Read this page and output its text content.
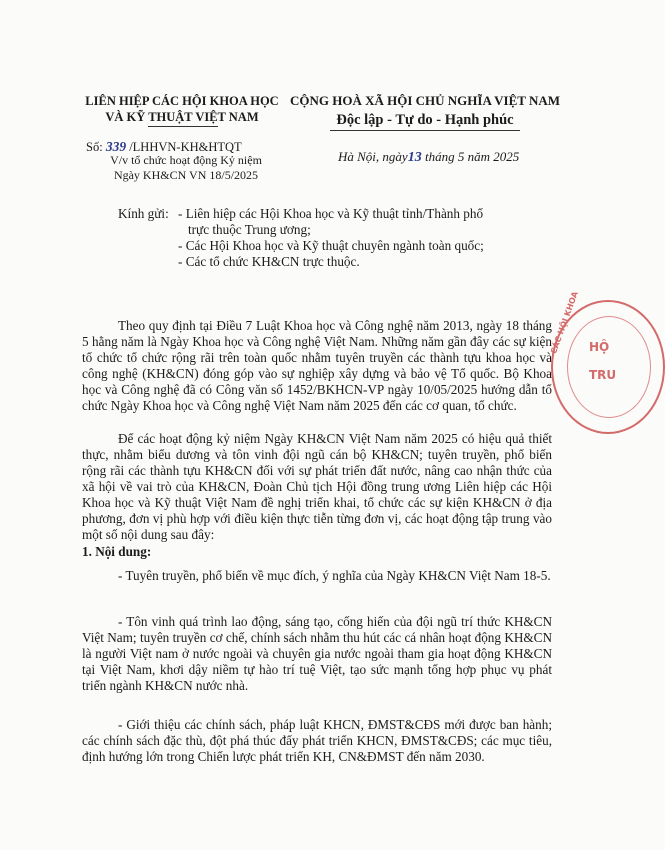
LIÊN HIỆP CÁC HỘI KHOA HỌC
VÀ KỸ THUẬT VIỆT NAM
CỘNG HOÀ XÃ HỘI CHỦ NGHĨA VIỆT NAM
Độc lập - Tự do - Hạnh phúc
Số: 339 /LHHVN-KH&HTQT
V/v tổ chức hoạt động Kỷ niệm
Ngày KH&CN VN 18/5/2025
Hà Nội, ngày13 tháng 5 năm 2025
Kính gửi: - Liên hiệp các Hội Khoa học và Kỹ thuật tỉnh/Thành phố
trực thuộc Trung ương;
- Các Hội Khoa học và Kỹ thuật chuyên ngành toàn quốc;
- Các tổ chức KH&CN trực thuộc.
Theo quy định tại Điều 7 Luật Khoa học và Công nghệ năm 2013, ngày 18 tháng 5 hằng năm là Ngày Khoa học và Công nghệ Việt Nam. Những năm gần đây các sự kiện tổ chức tổ chức rộng rãi trên toàn quốc nhằm tuyên truyền các thành tựu khoa học và công nghệ (KH&CN) đóng góp vào sự nghiệp xây dựng và bảo vệ Tổ quốc. Bộ Khoa học và Công nghệ đã có Công văn số 1452/BKHCN-VP ngày 10/05/2025 hướng dẫn tổ chức Ngày Khoa học và Công nghệ Việt Nam năm 2025 đến các cơ quan, tổ chức.
Để các hoạt động kỷ niệm Ngày KH&CN Việt Nam năm 2025 có hiệu quả thiết thực, nhằm biểu dương và tôn vinh đội ngũ cán bộ KH&CN; tuyên truyền, phổ biến rộng rãi các thành tựu KH&CN đối với sự phát triển đất nước, nâng cao nhận thức của xã hội về vai trò của KH&CN, Đoàn Chủ tịch Hội đồng trung ương Liên hiệp các Hội Khoa học và Kỹ thuật Việt Nam đề nghị triển khai, tổ chức các sự kiện KH&CN ở địa phương, đơn vị phù hợp với điều kiện thực tiễn từng đơn vị, các hoạt động tập trung vào một số nội dung sau đây:
1. Nội dung:
- Tuyên truyền, phổ biến về mục đích, ý nghĩa của Ngày KH&CN Việt Nam 18-5.
- Tôn vinh quá trình lao động, sáng tạo, cống hiến của đội ngũ trí thức KH&CN Việt Nam; tuyên truyền cơ chế, chính sách nhằm thu hút các cá nhân hoạt động KH&CN là người Việt nam ở nước ngoài và chuyên gia nước ngoài tham gia hoạt động KH&CN tại Việt Nam, khơi dậy niềm tự hào trí tuệ Việt, tạo sức mạnh tổng hợp phục vụ phát triển ngành KH&CN nước nhà.
- Giới thiệu các chính sách, pháp luật KHCN, ĐMST&CĐS mới được ban hành; các chính sách đặc thù, đột phá thúc đẩy phát triển KHCN, ĐMST&CĐS; các mục tiêu, định hướng lớn trong Chiến lược phát triển KH, CN&ĐMST đến năm 2030.
HỘ
TRU
CÁC HỘI KHOA
